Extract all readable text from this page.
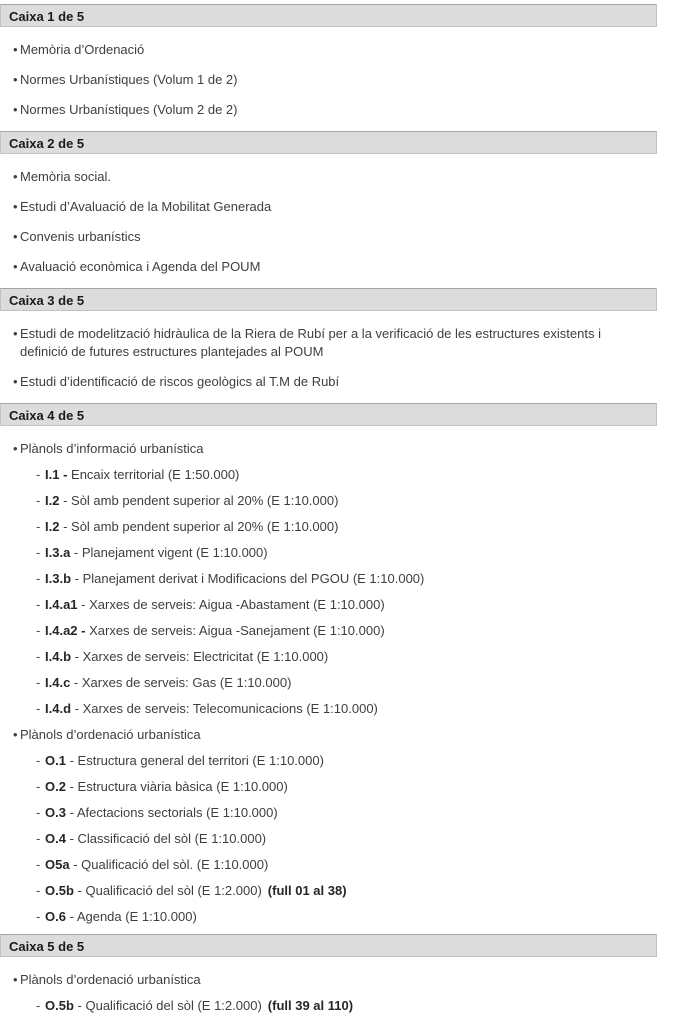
Caixa 1 de 5
• Memòria d’Ordenació
• Normes Urbanístiques (Volum 1 de 2)
• Normes Urbanístiques (Volum 2 de 2)
Caixa 2 de 5
• Memòria social.
• Estudi d’Avaluació de la Mobilitat Generada
• Convenis urbanístics
• Avaluació econòmica i Agenda del POUM
Caixa 3 de 5
• Estudi de modelització hidràulica de la Riera de Rubí per a la verificació de les estructures existents i definició de futures estructures plantejades al POUM
• Estudi d’identificació de riscos geològics al T.M de Rubí
Caixa 4 de 5
• Plànols d’informació urbanística
- I.1 - Encaix territorial (E 1:50.000)
- I.2 - Sòl amb pendent superior al 20% (E 1:10.000)
- I.2 - Sòl amb pendent superior al 20% (E 1:10.000)
- I.3.a - Planejament vigent (E 1:10.000)
- I.3.b - Planejament derivat i Modificacions del PGOU (E 1:10.000)
- I.4.a1 - Xarxes de serveis: Aigua -Abastament (E 1:10.000)
- I.4.a2 - Xarxes de serveis: Aigua -Sanejament (E 1:10.000)
- I.4.b - Xarxes de serveis: Electricitat (E 1:10.000)
- I.4.c - Xarxes de serveis: Gas (E 1:10.000)
- I.4.d - Xarxes de serveis: Telecomunicacions (E 1:10.000)
• Plànols d’ordenació urbanística
- O.1 - Estructura general del territori (E 1:10.000)
- O.2 - Estructura viària bàsica (E 1:10.000)
- O.3 - Afectacions sectorials (E 1:10.000)
- O.4 - Classificació del sòl (E 1:10.000)
- O5a - Qualificació del sòl. (E 1:10.000)
- O.5b - Qualificació del sòl (E 1:2.000) (full 01 al 38)
- O.6 - Agenda (E 1:10.000)
Caixa 5 de 5
• Plànols d’ordenació urbanística
- O.5b - Qualificació del sòl (E 1:2.000) (full 39 al 110)
